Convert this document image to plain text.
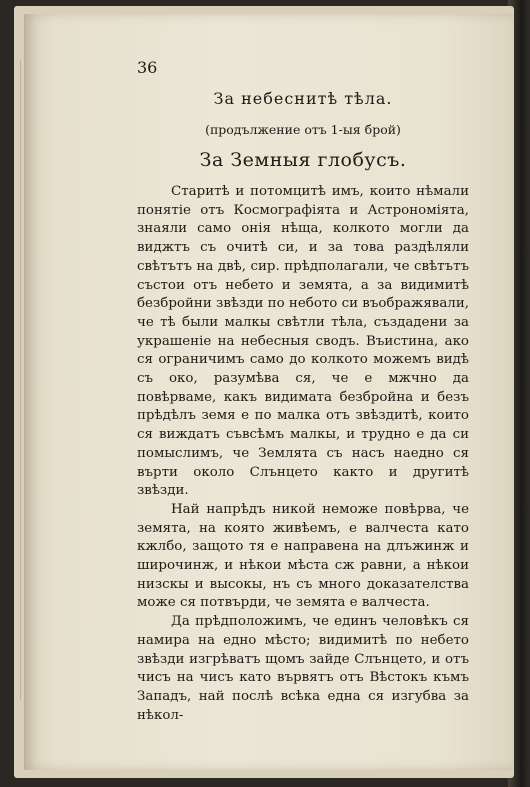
36
За небеснитѣ тѣла.
(продължение отъ 1-ыя брой)
За Земныя глобусъ.

Старитѣ и потомцитѣ имъ, които нѣмали понятіе отъ Космографіята и Астрономіята, знаяли само онія нѣща, колкото могли да виджтъ съ очитѣ си, и за това раздѣляли свѣтътъ на двѣ, сир. прѣдполагали, че свѣтътъ състои отъ небето и земята, а за видимитѣ безбройни звѣзди по небото си въображявали, че тѣ были малкы свѣтли тѣла, създадени за украшеніе на небесныя сводъ. Въистина, ако ся ограничимъ само до колкото можемъ видѣ съ око, разумѣва ся, че е мжчно да повѣрваме, какъ видимата безбройна и безъ прѣдѣлъ земя е по малка отъ звѣздитѣ, които ся виждатъ съвсѣмъ малкы, и трудно е да си помыслимъ, че Землята съ насъ наедно ся върти около Слънцето както и другитѣ звѣзди.

Най напрѣдъ никой неможе повѣрва, че земята, на която живѣемъ, е валчеста като кжлбо, защото тя е направена на длъжинж и широчинж, и нѣкои мѣста сж равни, а нѣкои низскы и высокы, нъ съ много доказателства може ся потвърди, че земята е валчеста.

Да прѣдположимъ, че единъ человѣкъ ся намира на едно мѣсто; видимитѣ по небето звѣзди изгрѣватъ щомъ зайде Слънцето, и отъ чисъ на чисъ като вървятъ отъ Вѣстокъ къмъ Западъ, най послѣ всѣка една ся изгубва за нѣкол-
